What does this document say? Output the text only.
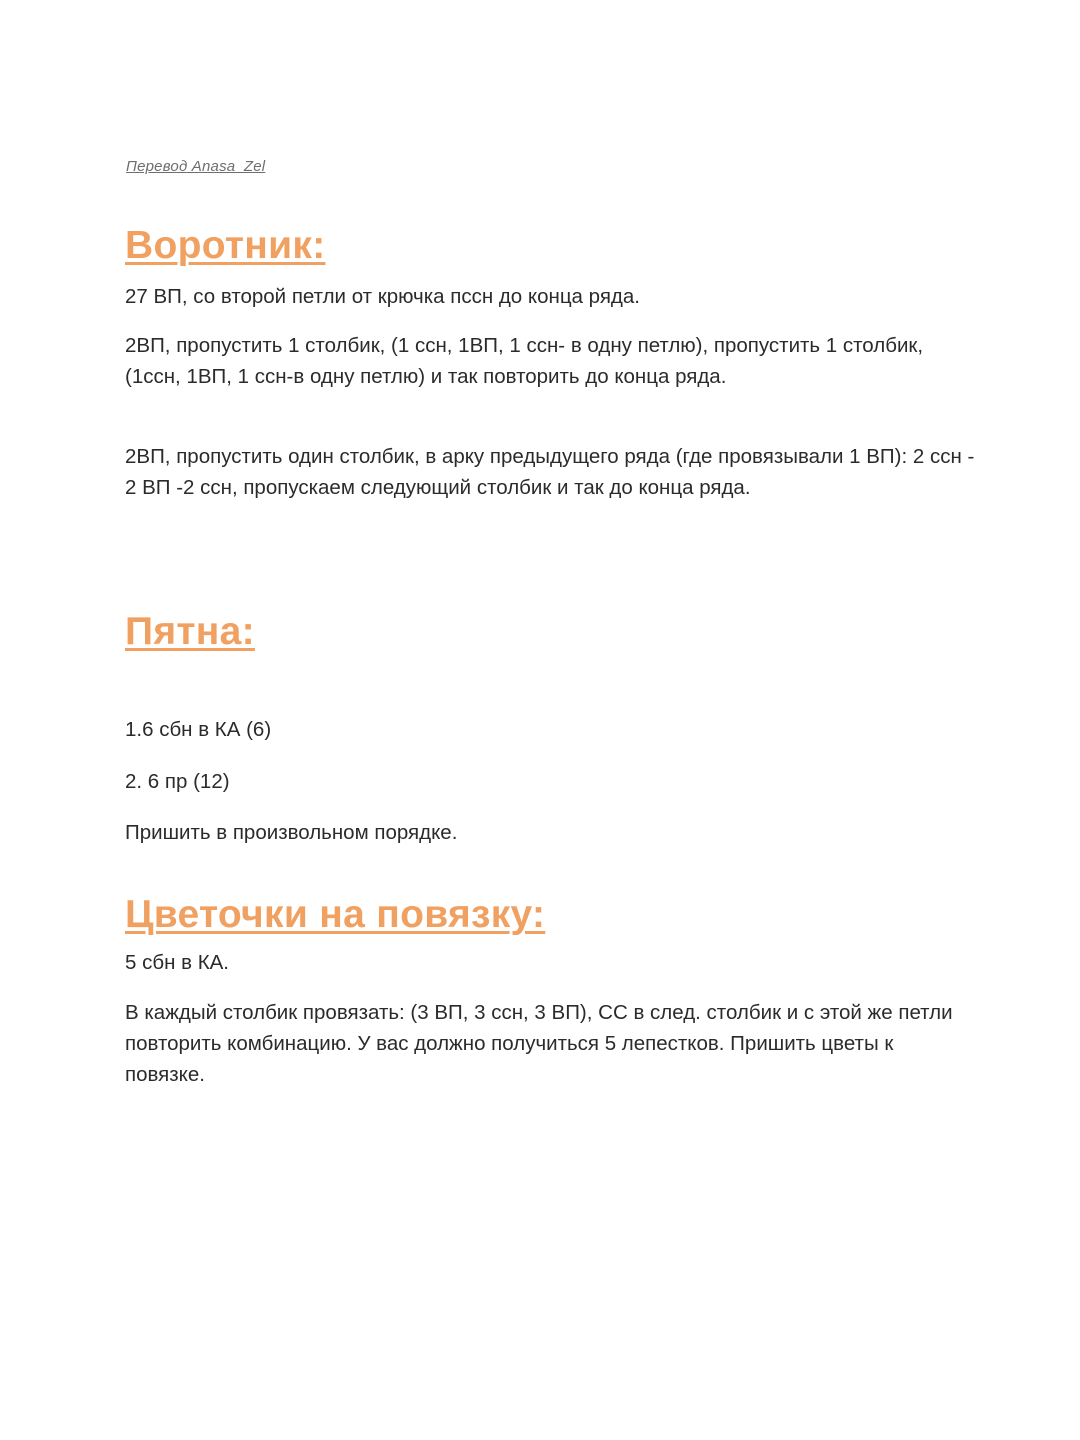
Перевод Anasa_Zel
Воротник:

27 ВП, со второй петли от крючка пссн до конца ряда.

2ВП, пропустить 1 столбик, (1 ссн, 1ВП, 1 ссн- в одну петлю), пропустить 1 столбик, (1ссн, 1ВП, 1 ссн-в одну петлю) и так повторить до конца ряда.

2ВП, пропустить один столбик, в арку предыдущего ряда (где провязывали 1 ВП): 2 ссн - 2 ВП -2 ссн, пропускаем следующий столбик и так до конца ряда.

Пятна:

1.6 сбн в КА (6)

2. 6 пр (12)

Пришить в произвольном порядке.

Цветочки на повязку:

5 сбн в КА.

В каждый столбик провязать: (3 ВП, 3 ссн, 3 ВП), СС в след. столбик и с этой же петли повторить комбинацию. У вас должно получиться 5 лепестков. Пришить цветы к повязке.
